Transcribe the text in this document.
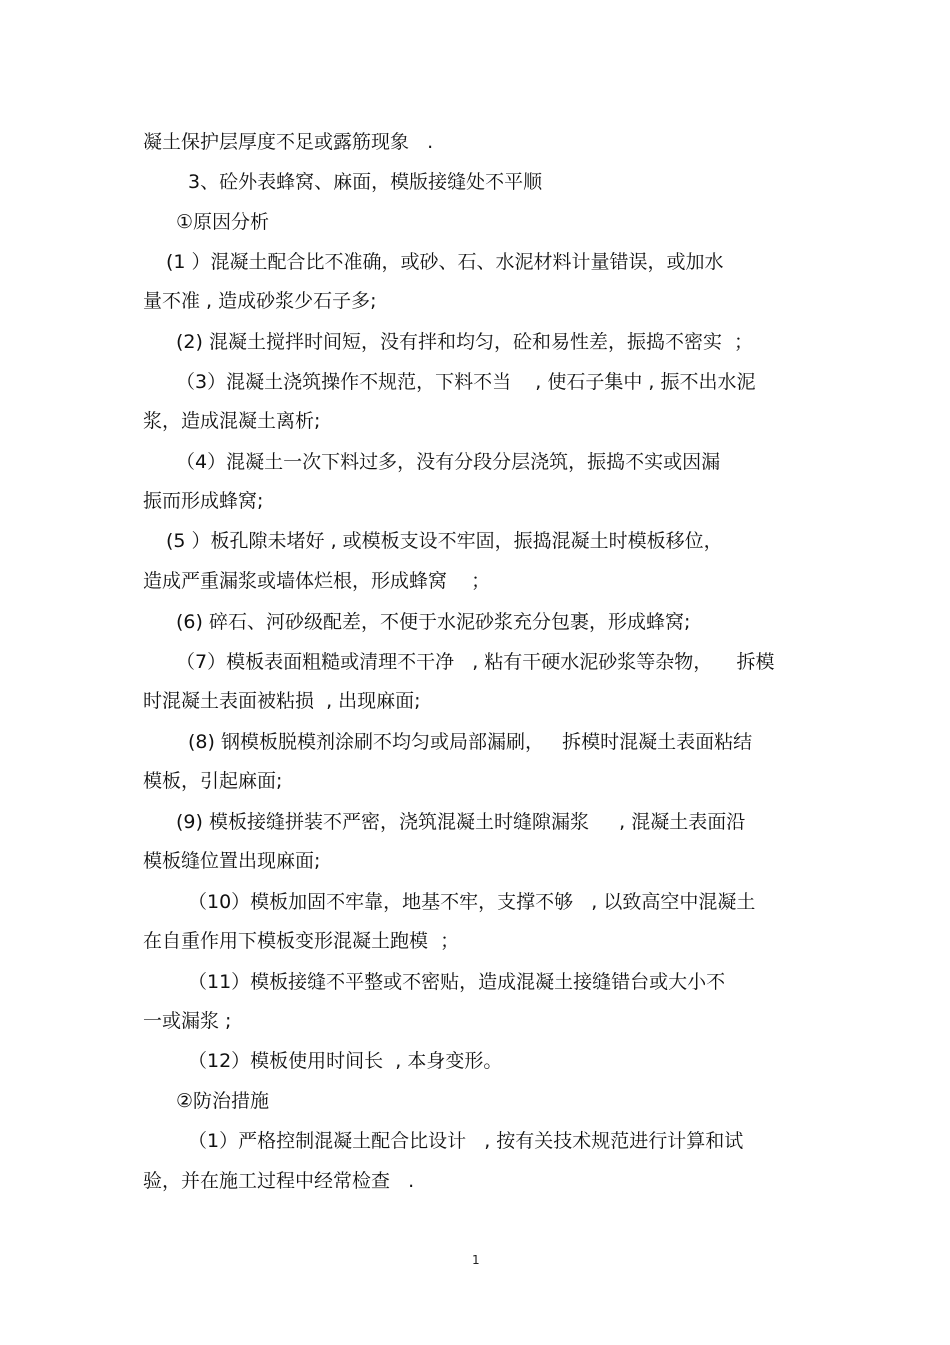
凝土保护层厚度不足或露筋现象   .
3、砼外表蜂窝、麻面，模版接缝处不平顺
①原因分析
(1 ）混凝土配合比不准确，或砂、石、水泥材料计量错误，或加水
量不准 , 造成砂浆少石子多;
(2) 混凝土搅拌时间短，没有拌和均匀，砼和易性差，振捣不密实  ；
（3）混凝土浇筑操作不规范，下料不当    , 使石子集中 , 振不出水泥
浆，造成混凝土离析;
（4）混凝土一次下料过多，没有分段分层浇筑，振捣不实或因漏
振而形成蜂窝;
(5 ）板孔隙未堵好 , 或模板支设不牢固，振捣混凝土时模板移位，
造成严重漏浆或墙体烂根，形成蜂窝    ；
(6) 碎石、河砂级配差，不便于水泥砂浆充分包裹，形成蜂窝;
（7）模板表面粗糙或清理不干净   , 粘有干硬水泥砂浆等杂物，    拆模
时混凝土表面被粘损  , 出现麻面;
(8) 钢模板脱模剂涂刷不均匀或局部漏刷，   拆模时混凝土表面粘结
模板，引起麻面;
(9) 模板接缝拼装不严密，浇筑混凝土时缝隙漏浆     , 混凝土表面沿
模板缝位置出现麻面;
（10）模板加固不牢靠，地基不牢，支撑不够   , 以致高空中混凝土
在自重作用下模板变形混凝土跑模  ；
（11）模板接缝不平整或不密贴，造成混凝土接缝错台或大小不
一或漏浆 ;
（12）模板使用时间长  , 本身变形。
②防治措施
（1）严格控制混凝土配合比设计   , 按有关技术规范进行计算和试
验，并在施工过程中经常检查   .
1
